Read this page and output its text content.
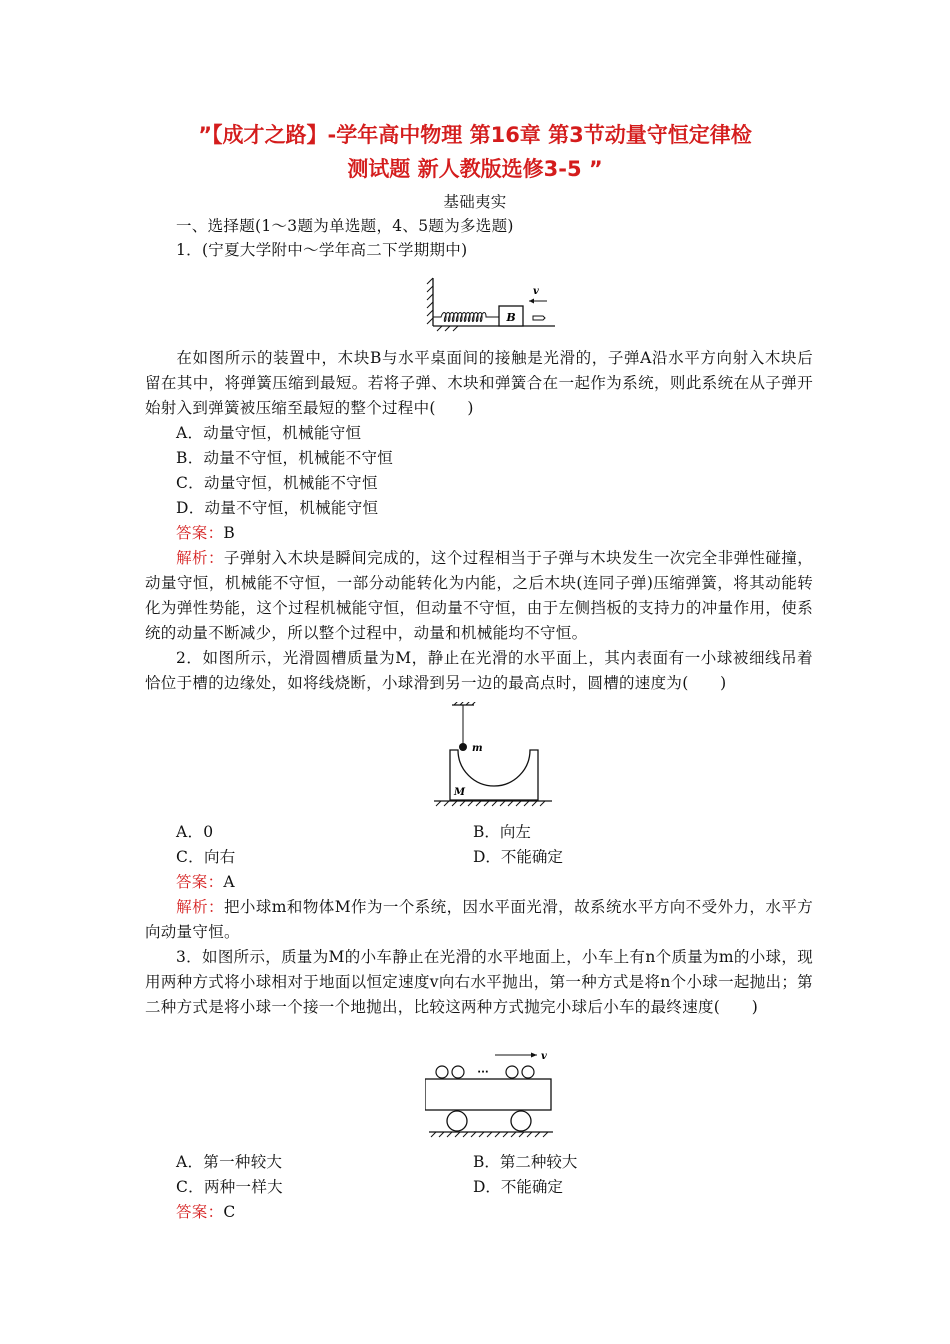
”【成才之路】-学年高中物理 第16章 第3节动量守恒定律检
测试题 新人教版选修3-5 ”
基础夷实
一、选择题(1～3题为单选题，4、5题为多选题)
1．(宁夏大学附中～学年高二下学期期中)
B
v
在如图所示的装置中，木块B与水平桌面间的接触是光滑的，子弹A沿水平方向射入木块后留在其中，将弹簧压缩到最短。若将子弹、木块和弹簧合在一起作为系统，则此系统在从子弹开始射入到弹簧被压缩至最短的整个过程中(　　)
A．动量守恒，机械能守恒
B．动量不守恒，机械能不守恒
C．动量守恒，机械能不守恒
D．动量不守恒，机械能守恒
答案：B
解析：子弹射入木块是瞬间完成的，这个过程相当于子弹与木块发生一次完全非弹性碰撞，动量守恒，机械能不守恒，一部分动能转化为内能，之后木块(连同子弹)压缩弹簧，将其动能转化为弹性势能，这个过程机械能守恒，但动量不守恒，由于左侧挡板的支持力的冲量作用，使系统的动量不断减少，所以整个过程中，动量和机械能均不守恒。
2．如图所示，光滑圆槽质量为M，静止在光滑的水平面上，其内表面有一小球被细线吊着恰位于槽的边缘处，如将线烧断，小球滑到另一边的最高点时，圆槽的速度为(　　)
m
M
A．0	B．向左
C．向右	D．不能确定
答案：A
解析：把小球m和物体M作为一个系统，因水平面光滑，故系统水平方向不受外力，水平方向动量守恒。
3．如图所示，质量为M的小车静止在光滑的水平地面上，小车上有n个质量为m的小球，现用两种方式将小球相对于地面以恒定速度v向右水平抛出，第一种方式是将n个小球一起抛出；第二种方式是将小球一个接一个地抛出，比较这两种方式抛完小球后小车的最终速度(　　)
v
···
A．第一种较大	B．第二种较大
C．两种一样大	D．不能确定
答案：C
